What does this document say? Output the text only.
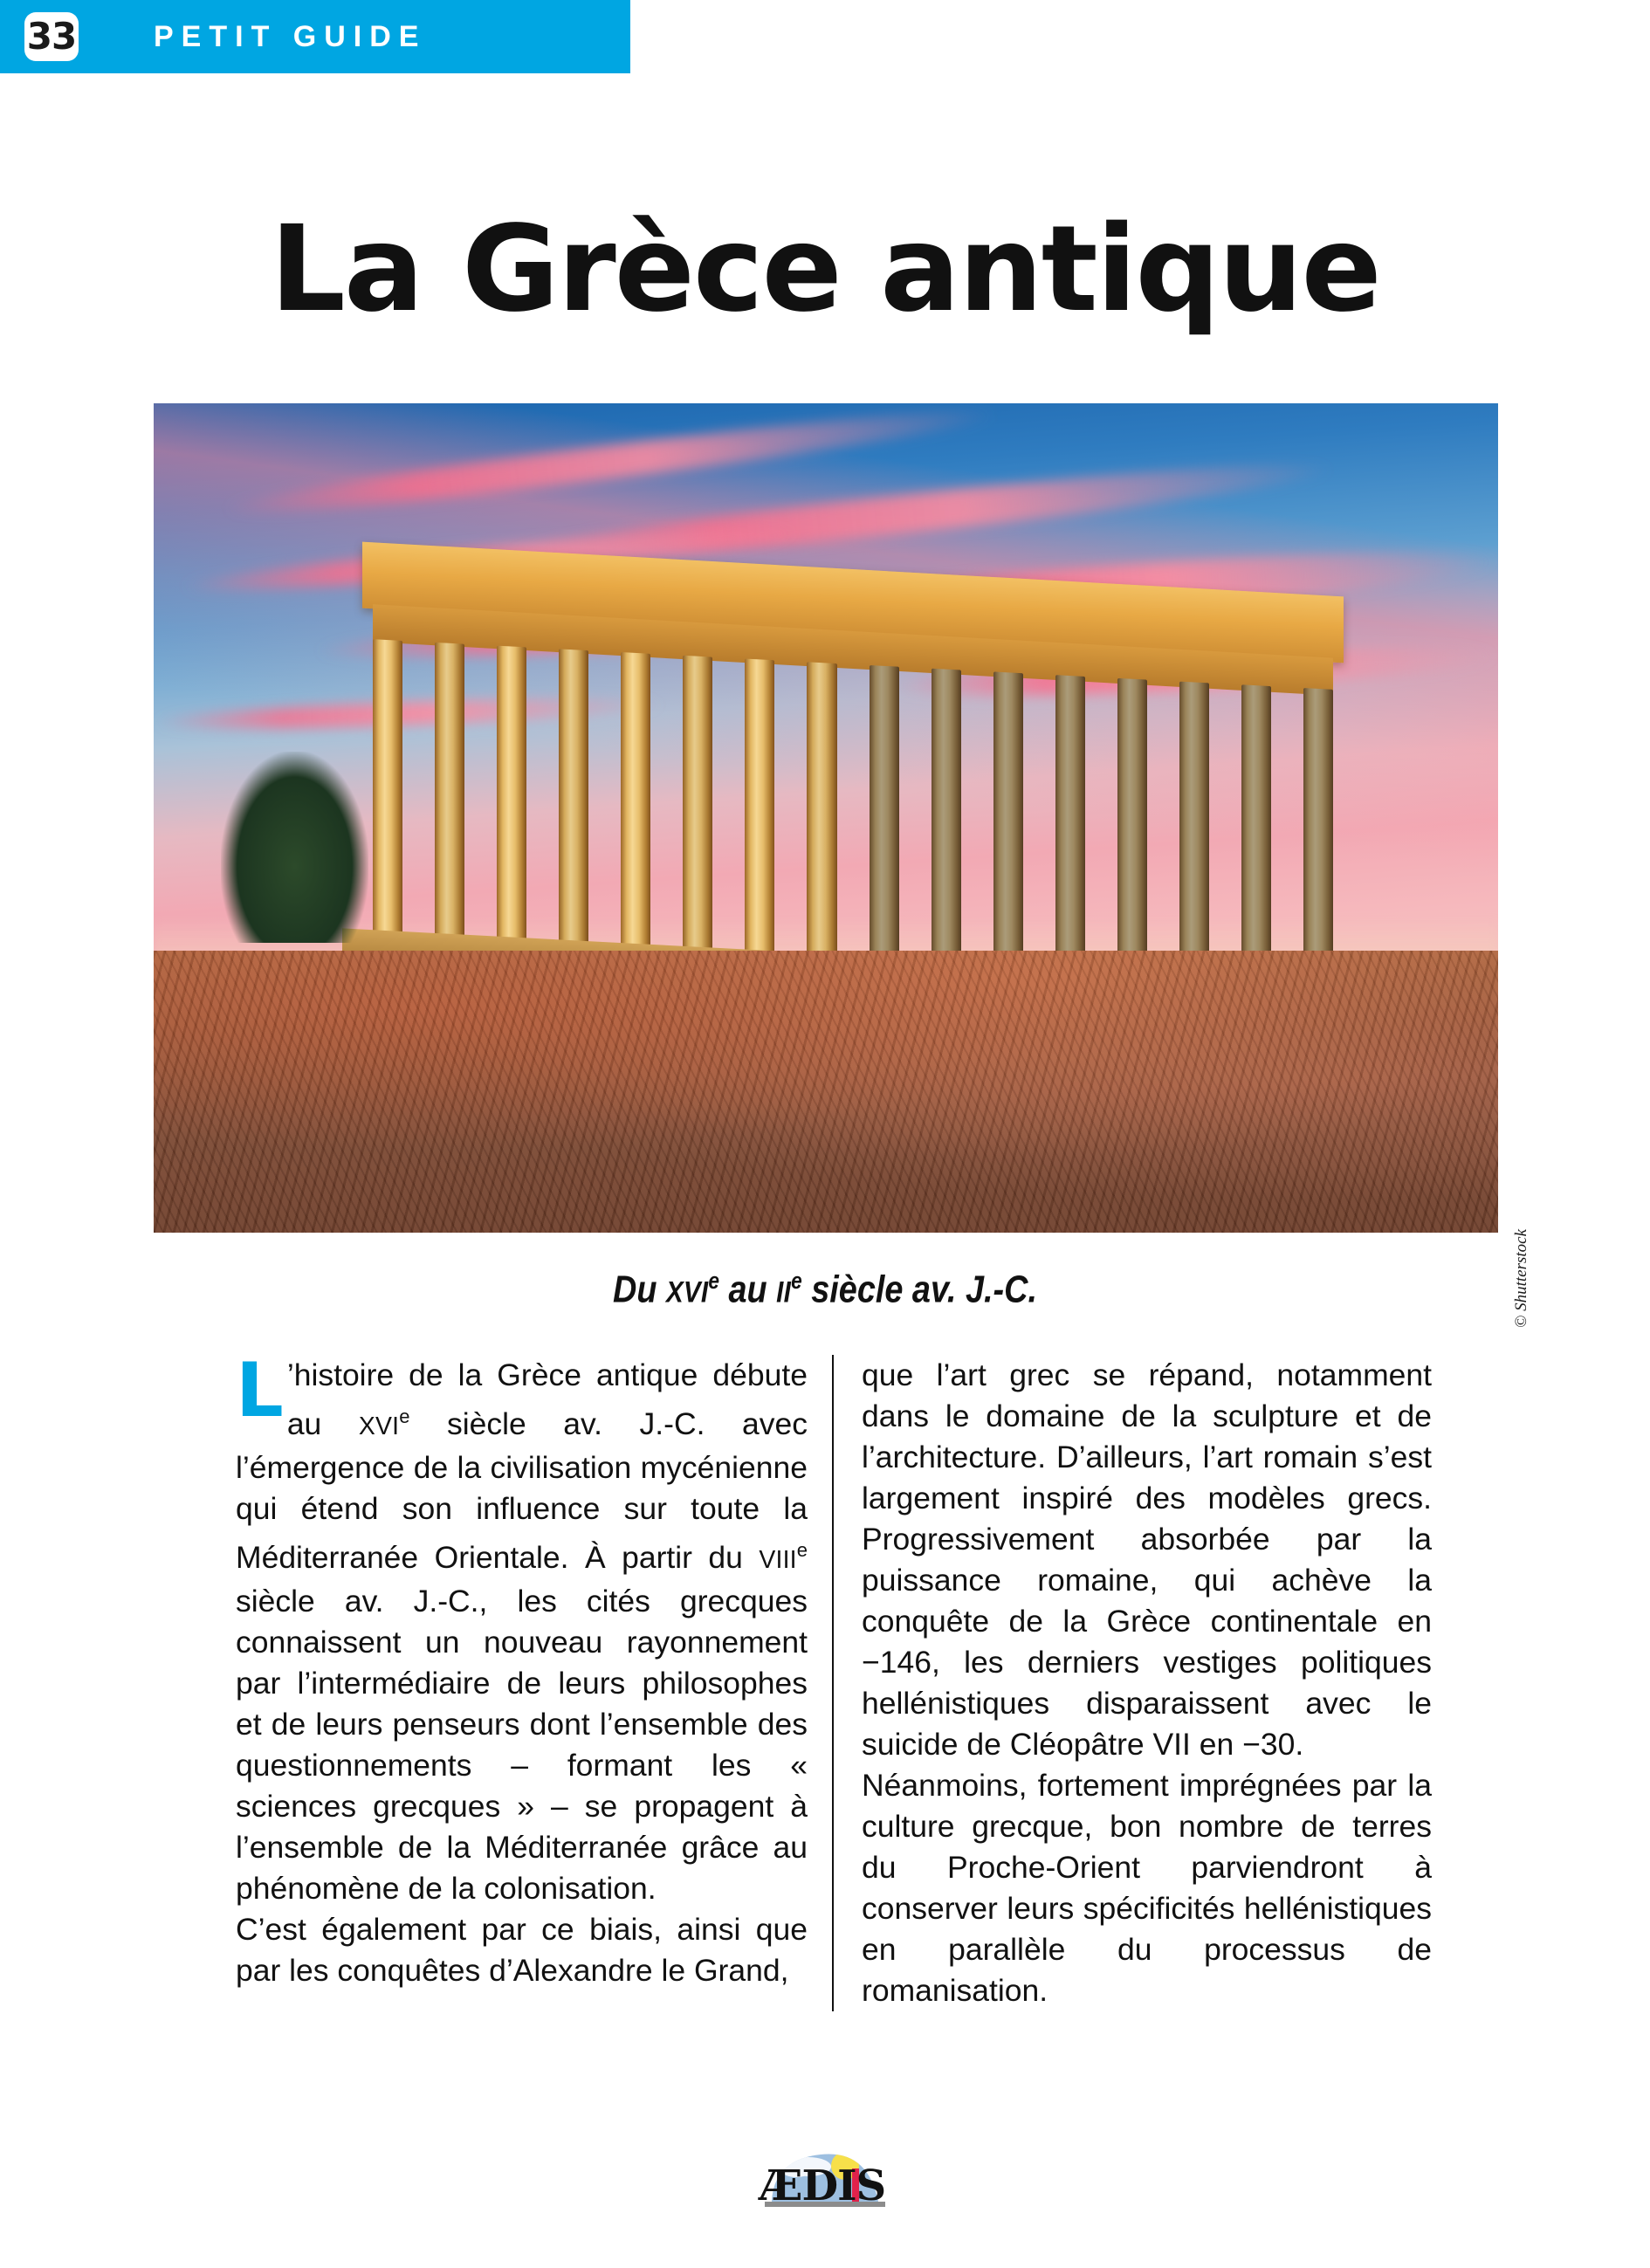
33	PETIT GUIDE
La Grèce antique
© Shutterstock
Du XVIe au IIe siècle av. J.-C.

L ’histoire de la Grèce antique débute au XVIe siècle av. J.-C. avec l’émergence de la civilisation mycénienne qui étend son influence sur toute la Méditerranée Orientale. À partir du VIIIe siècle av. J.-C., les cités grecques connaissent un nouveau rayonnement par l’intermédiaire de leurs philosophes et de leurs penseurs dont l’ensemble des questionnements – formant les « sciences grecques » – se propagent à l’ensemble de la Méditerranée grâce au phénomène de la colonisation.

C’est également par ce biais, ainsi que par les conquêtes d’Alexandre le Grand,

que l’art grec se répand, notamment dans le domaine de la sculpture et de l’architecture. D’ailleurs, l’art romain s’est largement inspiré des modèles grecs. Progressivement absorbée par la puissance romaine, qui achève la conquête de la Grèce continentale en −146, les derniers vestiges politiques hellénistiques disparaissent avec le suicide de Cléopâtre VII en −30.

Néanmoins, fortement imprégnées par la culture grecque, bon nombre de terres du Proche-Orient parviendront à conserver leurs spécificités hellénistiques en parallèle du processus de romanisation.

ÆDIS
